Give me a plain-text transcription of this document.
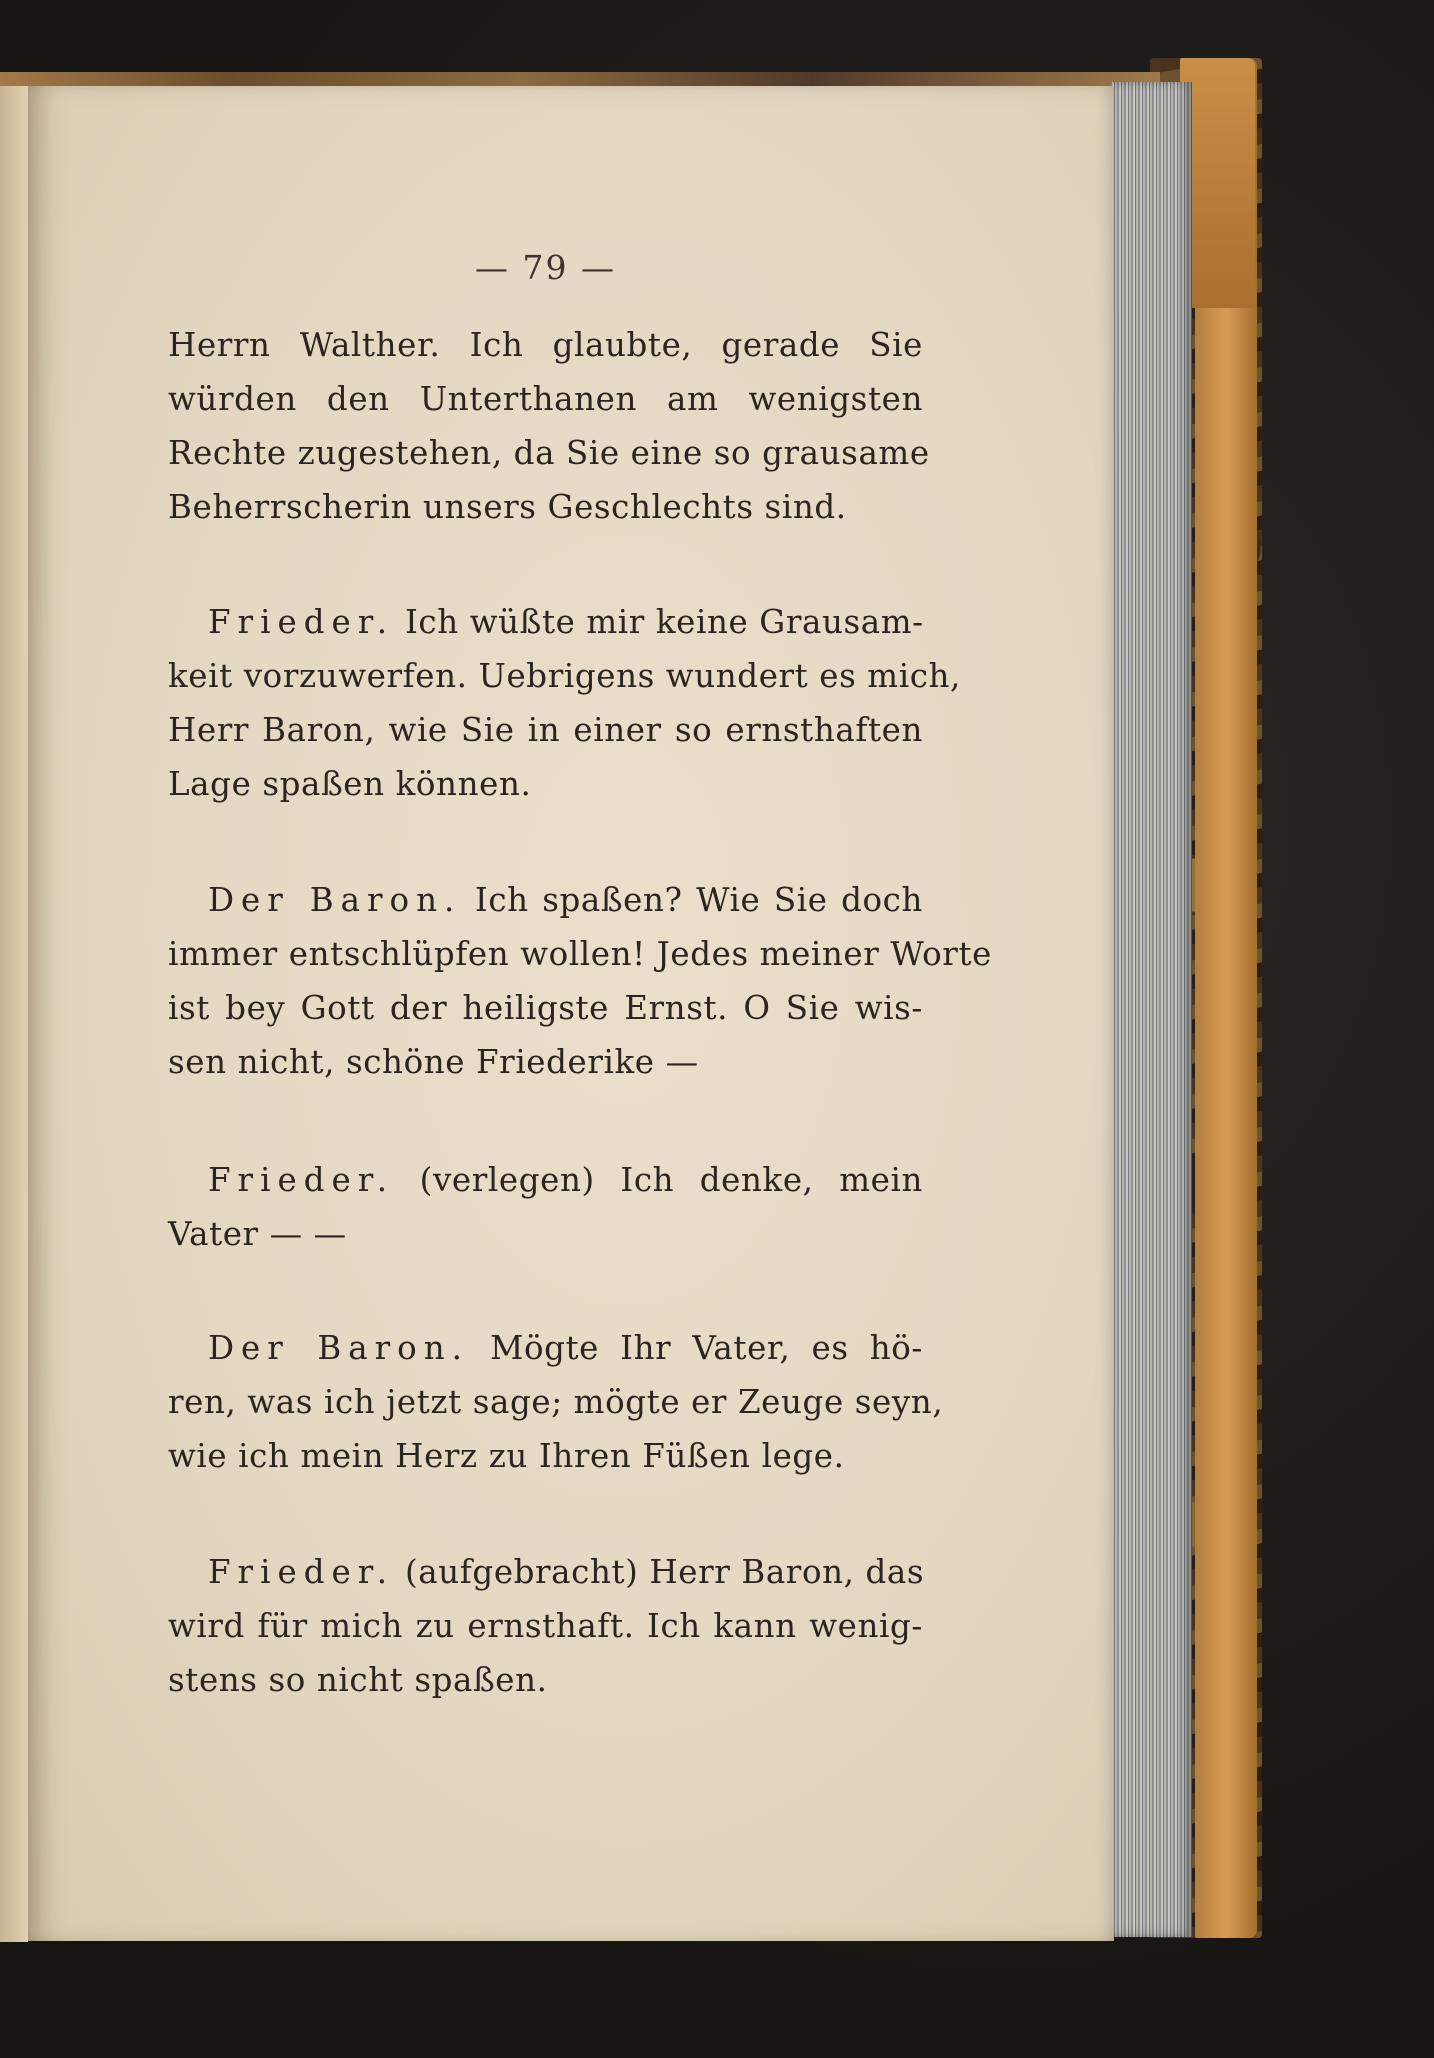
— 79 —
Herrn Walther. Ich glaubte, gerade Sie
würden den Unterthanen am wenigsten
Rechte zugestehen, da Sie eine so grausame
Beherrscherin unsers Geschlechts sind.
Frieder. Ich wüßte mir keine Grausam-
keit vorzuwerfen. Uebrigens wundert es mich,
Herr Baron, wie Sie in einer so ernsthaften
Lage spaßen können.
Der Baron. Ich spaßen? Wie Sie doch
immer entschlüpfen wollen! Jedes meiner Worte
ist bey Gott der heiligste Ernst. O Sie wis-
sen nicht, schöne Friederike —
Frieder. (verlegen) Ich denke, mein
Vater — —
Der Baron. Mögte Ihr Vater, es hö-
ren, was ich jetzt sage; mögte er Zeuge seyn,
wie ich mein Herz zu Ihren Füßen lege.
Frieder. (aufgebracht) Herr Baron, das
wird für mich zu ernsthaft. Ich kann wenig-
stens so nicht spaßen.
